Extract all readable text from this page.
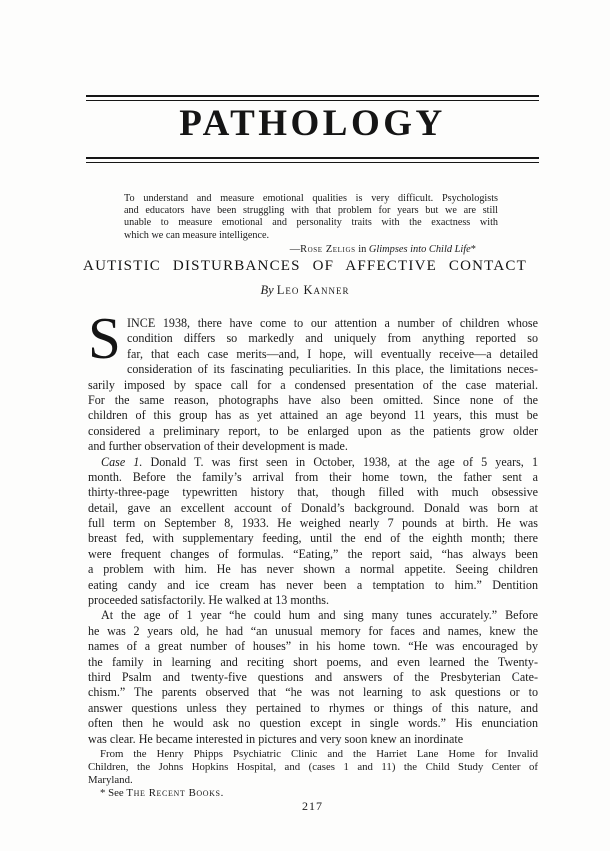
PATHOLOGY
To understand and measure emotional qualities is very difficult. Psychologists
and educators have been struggling with that problem for years but we are still
unable to measure emotional and personality traits with the exactness with
which we can measure intelligence.
—Rose Zeligs in Glimpses into Child Life*
AUTISTIC DISTURBANCES OF AFFECTIVE CONTACT
By Leo Kanner
S INCE 1938, there have come to our attention a number of children whose
condition differs so markedly and uniquely from anything reported so
far, that each case merits—and, I hope, will eventually receive—a detailed
consideration of its fascinating peculiarities. In this place, the limitations neces-
sarily imposed by space call for a condensed presentation of the case material.
For the same reason, photographs have also been omitted. Since none of the
children of this group has as yet attained an age beyond 11 years, this must be
considered a preliminary report, to be enlarged upon as the patients grow older
and further observation of their development is made.
Case 1. Donald T. was first seen in October, 1938, at the age of 5 years, 1
month. Before the family’s arrival from their home town, the father sent a
thirty-three-page typewritten history that, though filled with much obsessive
detail, gave an excellent account of Donald’s background. Donald was born at
full term on September 8, 1933. He weighed nearly 7 pounds at birth. He was
breast fed, with supplementary feeding, until the end of the eighth month; there
were frequent changes of formulas. “Eating,” the report said, “has always been
a problem with him. He has never shown a normal appetite. Seeing children
eating candy and ice cream has never been a temptation to him.” Dentition
proceeded satisfactorily. He walked at 13 months.
At the age of 1 year “he could hum and sing many tunes accurately.” Before
he was 2 years old, he had “an unusual memory for faces and names, knew the
names of a great number of houses” in his home town. “He was encouraged by
the family in learning and reciting short poems, and even learned the Twenty-
third Psalm and twenty-five questions and answers of the Presbyterian Cate-
chism.” The parents observed that “he was not learning to ask questions or to
answer questions unless they pertained to rhymes or things of this nature, and
often then he would ask no question except in single words.” His enunciation
was clear. He became interested in pictures and very soon knew an inordinate
From the Henry Phipps Psychiatric Clinic and the Harriet Lane Home for Invalid
Children, the Johns Hopkins Hospital, and (cases 1 and 11) the Child Study Center of
Maryland.
* See The Recent Books.
217
